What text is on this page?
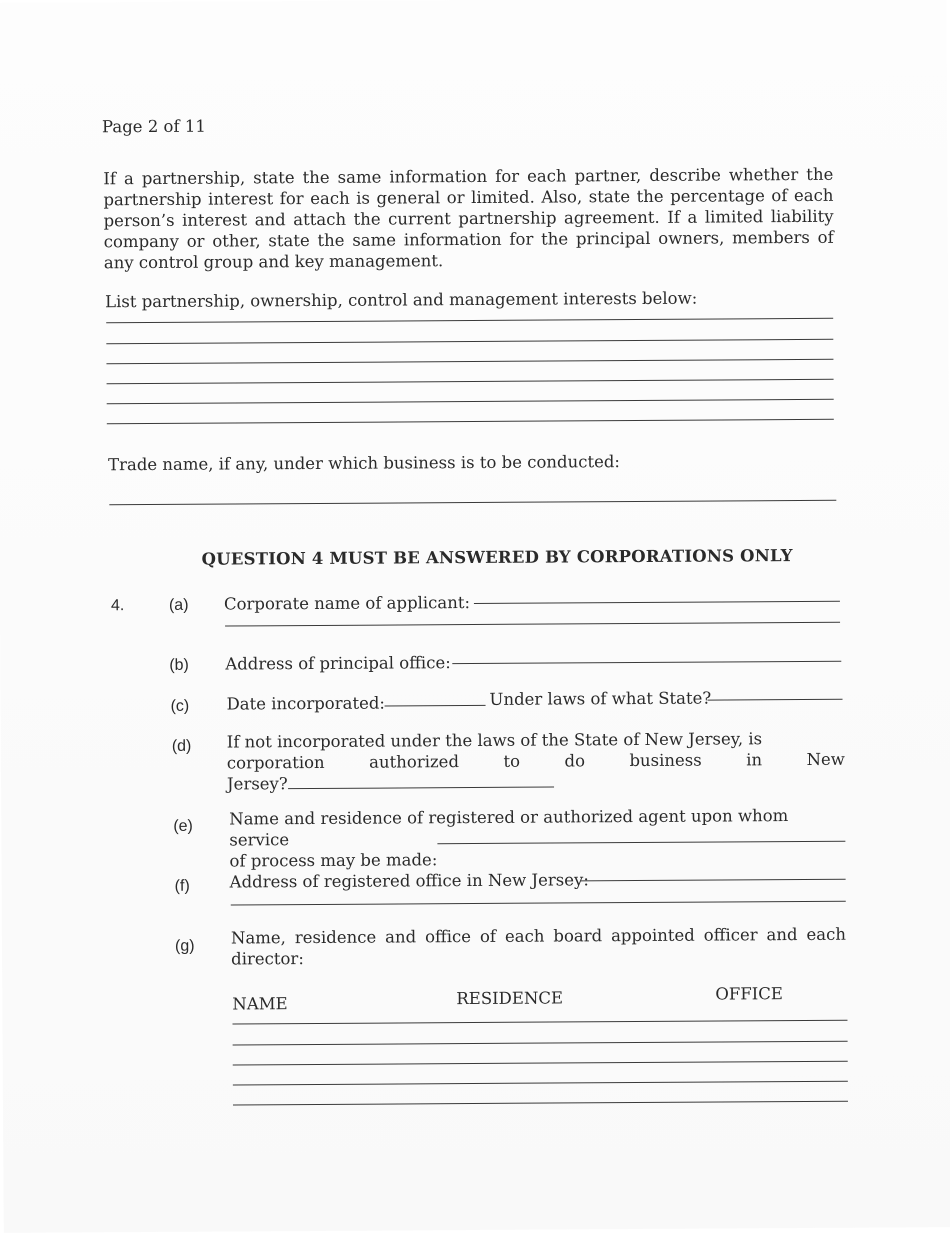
Page 2 of 11
If a partnership, state the same information for each partner, describe whether the partnership interest for each is general or limited. Also, state the percentage of each person’s interest and attach the current partnership agreement. If a limited liability company or other, state the same information for the principal owners, members of any control group and key management.
List partnership, ownership, control and management interests below:
Trade name, if any, under which business is to be conducted:
QUESTION 4 MUST BE ANSWERED BY CORPORATIONS ONLY
4.	(a) Corporate name of applicant:
(b) Address of principal office:
(c) Date incorporated:	Under laws of what State?
(d) If not incorporated under the laws of the State of New Jersey, is
corporation	authorized	to	do	business	in	New
Jersey?
(e) Name and residence of registered or authorized agent upon whom service
of process may be made:
(f) Address of registered office in New Jersey:
(g) Name, residence and office of each board appointed officer and each
director:
NAME	RESIDENCE	OFFICE
